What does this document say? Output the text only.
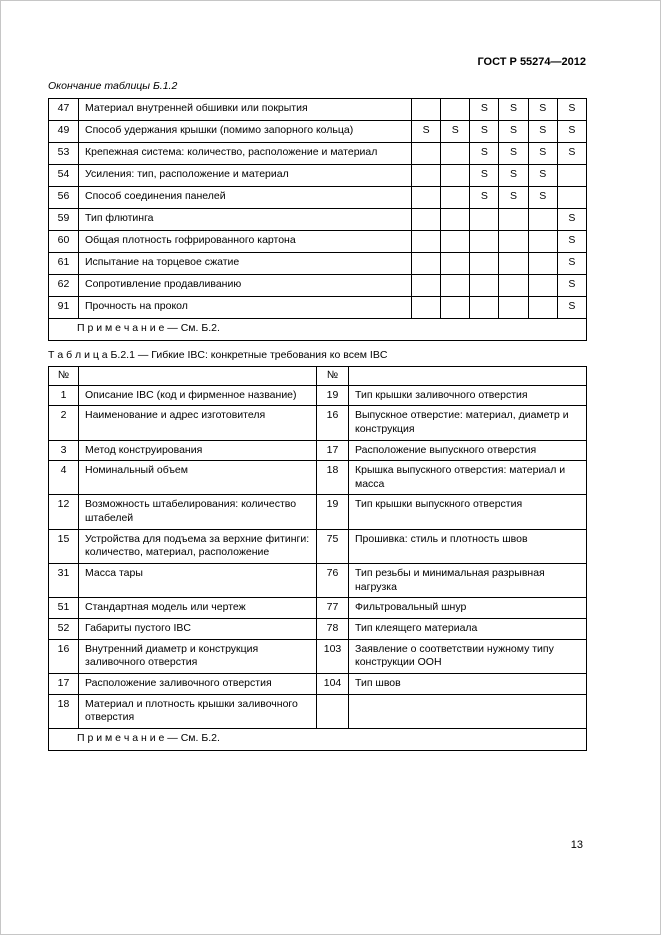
ГОСТ Р 55274—2012
Окончание таблицы Б.1.2
47	Материал внутренней обшивки или покрытия			S	S	S	S
49	Способ удержания крышки (помимо запорного кольца)	S	S	S	S	S	S
53	Крепежная система: количество, расположение и материал			S	S	S	S
54	Усиления: тип, расположение и материал			S	S	S	
56	Способ соединения панелей			S	S	S	
59	Тип флютинга						S
60	Общая плотность гофрированного картона						S
61	Испытание на торцевое сжатие						S
62	Сопротивление продавливанию						S
91	Прочность на прокол						S
П р и м е ч а н и е — См. Б.2.							
Т а б л и ц а Б.2.1 — Гибкие IBC: конкретные требования ко всем IBC
№		№	
1	Описание IBC (код и фирменное название)	19	Тип крышки заливочного отверстия
2	Наименование и адрес изготовителя	16	Выпускное отверстие: материал, диаметр и конструкция
3	Метод конструирования	17	Расположение выпускного отверстия
4	Номинальный объем	18	Крышка выпускного отверстия: материал и масса
12	Возможность штабелирования: количество штабелей	19	Тип крышки выпускного отверстия
15	Устройства для подъема за верхние фитинги: количество, материал, расположение	75	Прошивка: стиль и плотность швов
31	Масса тары	76	Тип резьбы и минимальная разрывная нагрузка
51	Стандартная модель или чертеж	77	Фильтровальный шнур
52	Габариты пустого IBC	78	Тип клеящего материала
16	Внутренний диаметр и конструкция заливочного отверстия	103	Заявление о соответствии нужному типу конструкции ООН
17	Расположение заливочного отверстия	104	Тип швов
18	Материал и плотность крышки заливочного отверстия		
П р и м е ч а н и е — См. Б.2.			
13
